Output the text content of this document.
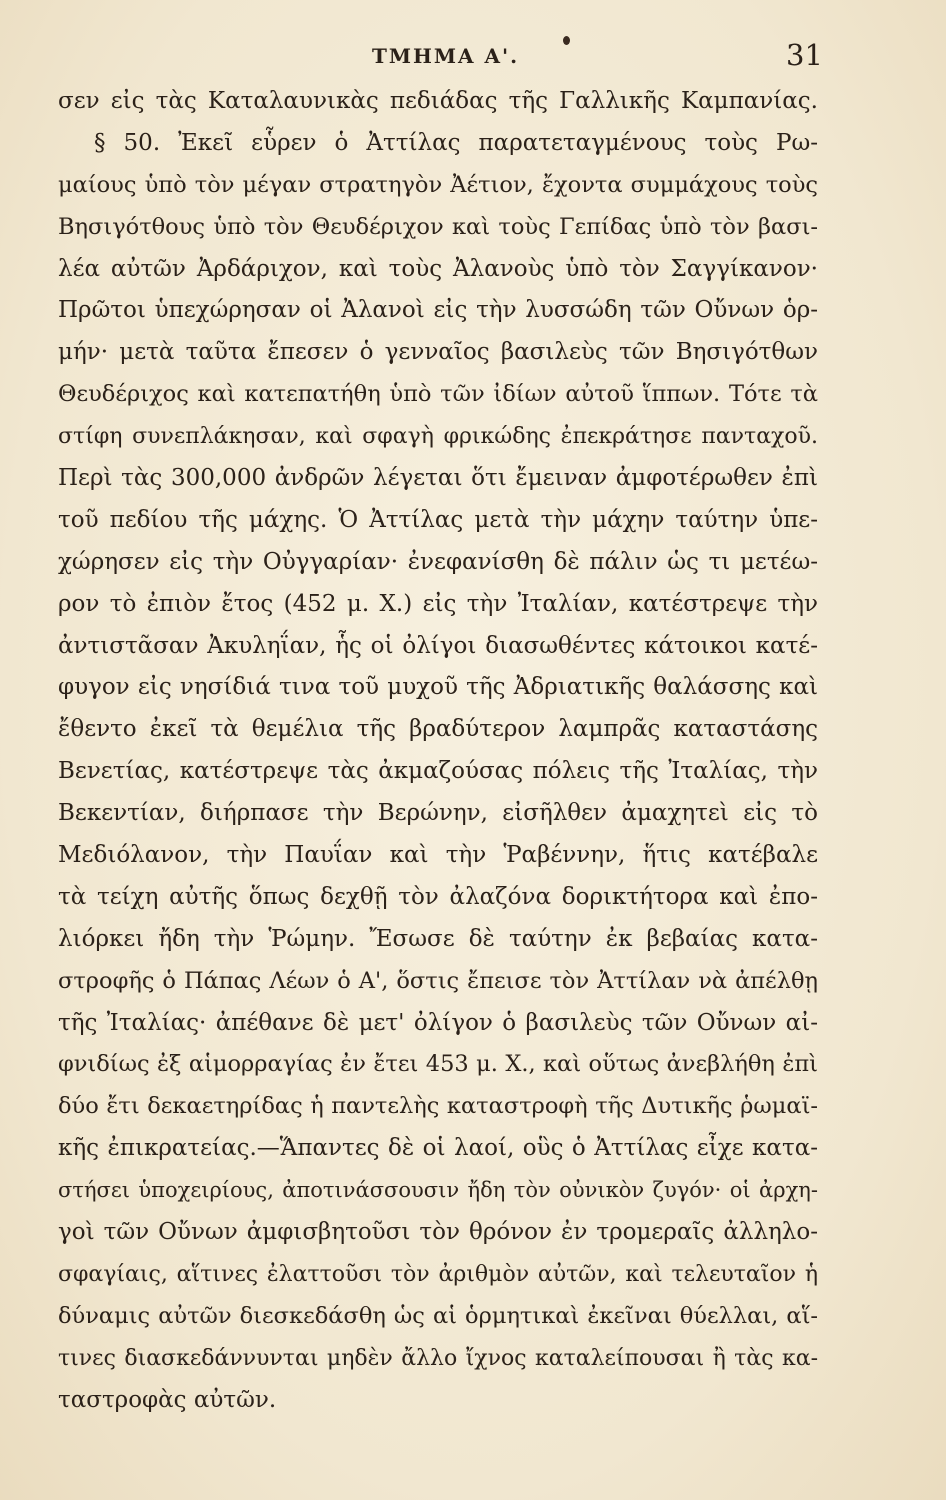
ΤΜΗΜΑ Α'.	31
σεν εἰς τὰς Καταλαυνικὰς πεδιάδας τῆς Γαλλικῆς Καμπανίας.
§ 50. Ἐκεῖ εὗρεν ὁ Ἀττίλας παρατεταγμένους τοὺς Ρω-
μαίους ὑπὸ τὸν μέγαν στρατηγὸν Ἀέτιον, ἔχοντα συμμάχους τοὺς
Βησιγότθους ὑπὸ τὸν Θευδέριχον καὶ τοὺς Γεπίδας ὑπὸ τὸν βασι-
λέα αὐτῶν Ἀρδάριχον, καὶ τοὺς Ἀλανοὺς ὑπὸ τὸν Σαγγίκανον·
Πρῶτοι ὑπεχώρησαν οἱ Ἀλανοὶ εἰς τὴν λυσσώδη τῶν Οὔνων ὁρ-
μήν· μετὰ ταῦτα ἔπεσεν ὁ γενναῖος βασιλεὺς τῶν Βησιγότθων
Θευδέριχος καὶ κατεπατήθη ὑπὸ τῶν ἰδίων αὐτοῦ ἵππων. Τότε τὰ
στίφη συνεπλάκησαν, καὶ σφαγὴ φρικώδης ἐπεκράτησε πανταχοῦ.
Περὶ τὰς 300,000 ἀνδρῶν λέγεται ὅτι ἔμειναν ἀμφοτέρωθεν ἐπὶ
τοῦ πεδίου τῆς μάχης. Ὁ Ἀττίλας μετὰ τὴν μάχην ταύτην ὑπε-
χώρησεν εἰς τὴν Οὐγγαρίαν· ἐνεφανίσθη δὲ πάλιν ὡς τι μετέω-
ρον τὸ ἐπιὸν ἔτος (452 μ. Χ.) εἰς τὴν Ἰταλίαν, κατέστρεψε τὴν
ἀντιστᾶσαν Ἀκυληΐαν, ἧς οἱ ὀλίγοι διασωθέντες κάτοικοι κατέ-
φυγον εἰς νησίδιά τινα τοῦ μυχοῦ τῆς Ἀδριατικῆς θαλάσσης καὶ
ἔθεντο ἐκεῖ τὰ θεμέλια τῆς βραδύτερον λαμπρᾶς καταστάσης
Βενετίας, κατέστρεψε τὰς ἀκμαζούσας πόλεις τῆς Ἰταλίας, τὴν
Βεκεντίαν, διήρπασε τὴν Βερώνην, εἰσῆλθεν ἀμαχητεὶ εἰς τὸ
Μεδιόλανον, τὴν Παυΐαν καὶ τὴν Ῥαβέννην, ἥτις κατέβαλε
τὰ τείχη αὐτῆς ὅπως δεχθῇ τὸν ἀλαζόνα δορικτήτορα καὶ ἐπο-
λιόρκει ἤδη τὴν Ῥώμην. Ἔσωσε δὲ ταύτην ἐκ βεβαίας κατα-
στροφῆς ὁ Πάπας Λέων ὁ Α', ὅστις ἔπεισε τὸν Ἀττίλαν νὰ ἀπέλθῃ
τῆς Ἰταλίας· ἀπέθανε δὲ μετ' ὀλίγον ὁ βασιλεὺς τῶν Οὔνων αἰ-
φνιδίως ἐξ αἱμορραγίας ἐν ἔτει 453 μ. Χ., καὶ οὕτως ἀνεβλήθη ἐπὶ
δύο ἔτι δεκαετηρίδας ἡ παντελὴς καταστροφὴ τῆς Δυτικῆς ῥωμαϊ-
κῆς ἐπικρατείας.—Ἅπαντες δὲ οἱ λαοί, οὓς ὁ Ἀττίλας εἶχε κατα-
στήσει ὑποχειρίους, ἀποτινάσσουσιν ἤδη τὸν οὐνικὸν ζυγόν· οἱ ἀρχη-
γοὶ τῶν Οὔνων ἀμφισβητοῦσι τὸν θρόνον ἐν τρομεραῖς ἀλληλο-
σφαγίαις, αἵτινες ἐλαττοῦσι τὸν ἀριθμὸν αὐτῶν, καὶ τελευταῖον ἡ
δύναμις αὐτῶν διεσκεδάσθη ὡς αἱ ὁρμητικαὶ ἐκεῖναι θύελλαι, αἵ-
τινες διασκεδάννυνται μηδὲν ἄλλο ἴχνος καταλείπουσαι ἢ τὰς κα-
ταστροφὰς αὐτῶν.
